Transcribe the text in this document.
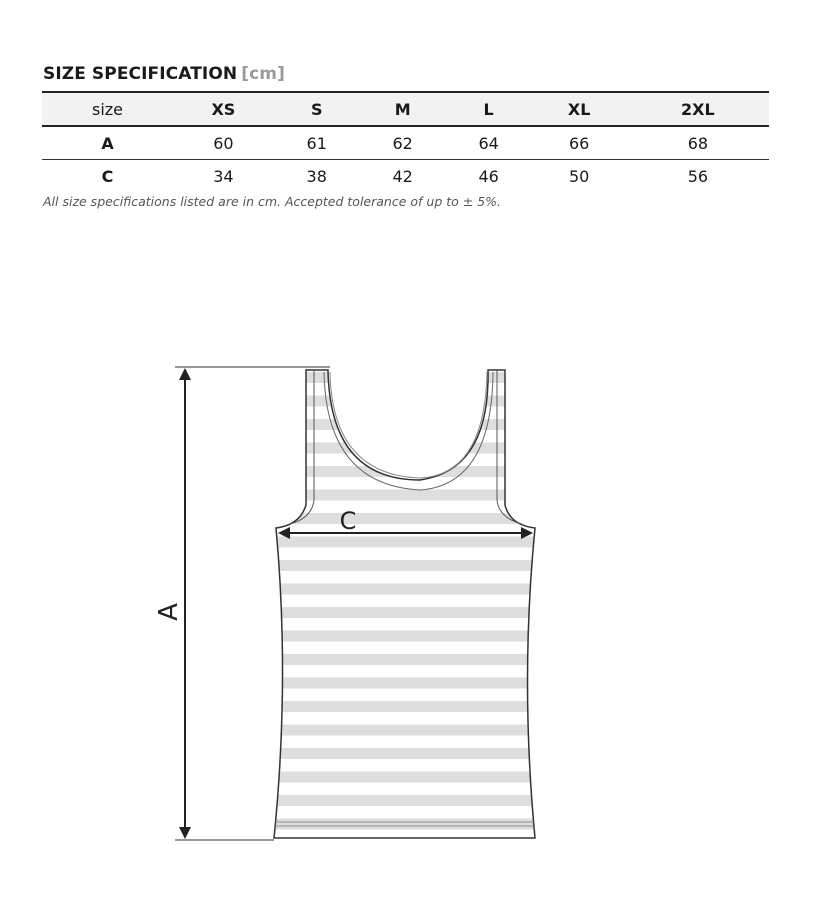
SIZE SPECIFICATION [cm]
size	XS	S	M	L	XL	2XL
A	60	61	62	64	66	68
C	34	38	42	46	50	56
All size specifications listed are in cm. Accepted tolerance of up to ± 5%.
A
C
